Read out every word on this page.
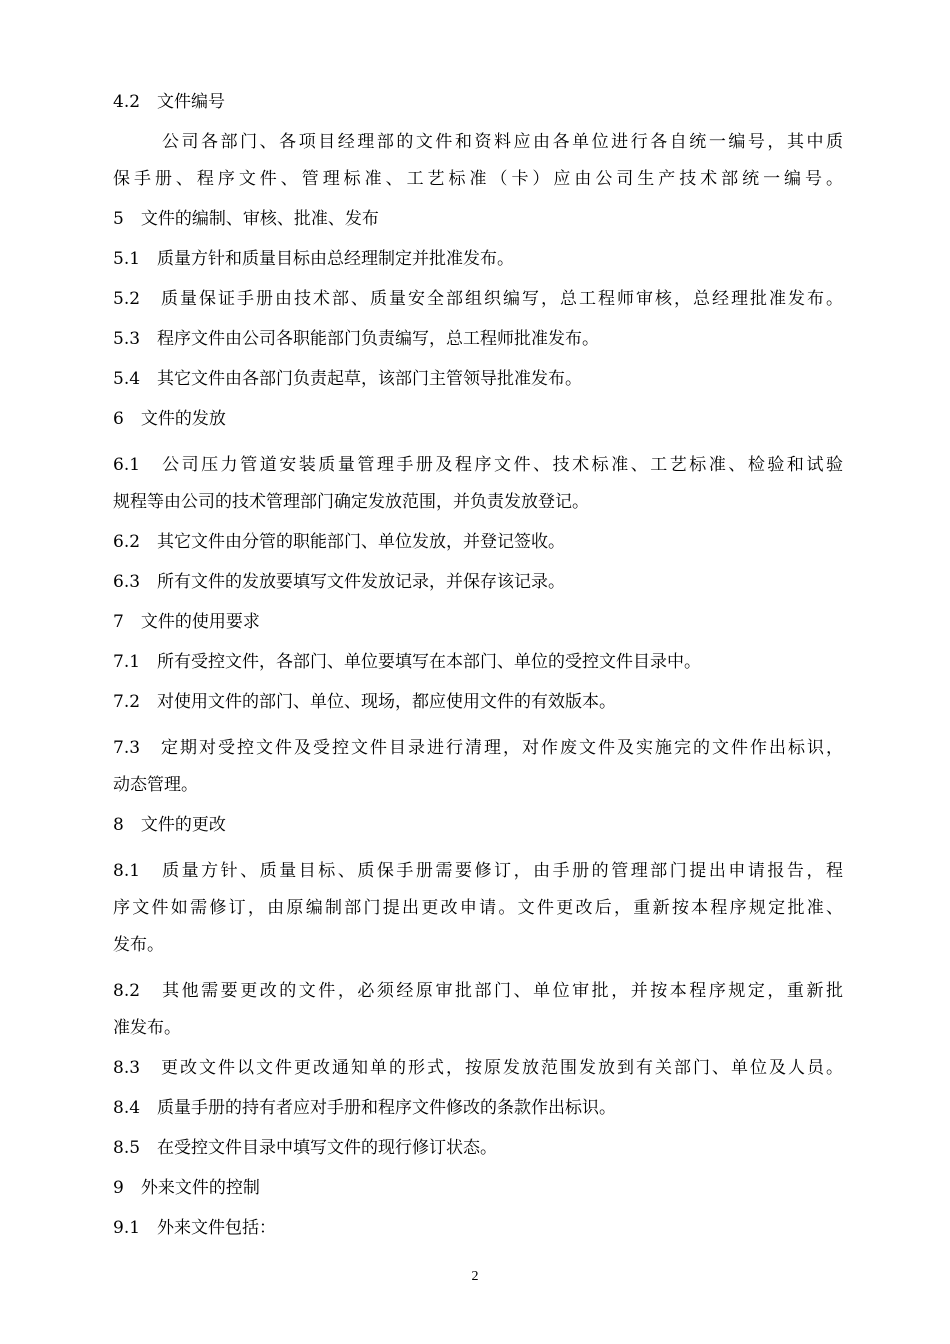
4.2　文件编号
公司各部门、各项目经理部的文件和资料应由各单位进行各自统一编号，其中质
保手册、程序文件、管理标准、工艺标准（卡）应由公司生产技术部统一编号。
5　文件的编制、审核、批准、发布
5.1　质量方针和质量目标由总经理制定并批准发布。
5.2　质量保证手册由技术部、质量安全部组织编写，总工程师审核，总经理批准发布。
5.3　程序文件由公司各职能部门负责编写，总工程师批准发布。
5.4　其它文件由各部门负责起草，该部门主管领导批准发布。
6　文件的发放
6.1　公司压力管道安装质量管理手册及程序文件、技术标准、工艺标准、检验和试验
规程等由公司的技术管理部门确定发放范围，并负责发放登记。
6.2　其它文件由分管的职能部门、单位发放，并登记签收。
6.3　所有文件的发放要填写文件发放记录，并保存该记录。
7　文件的使用要求
7.1　所有受控文件，各部门、单位要填写在本部门、单位的受控文件目录中。
7.2　对使用文件的部门、单位、现场，都应使用文件的有效版本。
7.3　定期对受控文件及受控文件目录进行清理，对作废文件及实施完的文件作出标识，
动态管理。
8　文件的更改
8.1　质量方针、质量目标、质保手册需要修订，由手册的管理部门提出申请报告，程
序文件如需修订，由原编制部门提出更改申请。文件更改后，重新按本程序规定批准、
发布。
8.2　其他需要更改的文件，必须经原审批部门、单位审批，并按本程序规定，重新批
准发布。
8.3　更改文件以文件更改通知单的形式，按原发放范围发放到有关部门、单位及人员。
8.4　质量手册的持有者应对手册和程序文件修改的条款作出标识。
8.5　在受控文件目录中填写文件的现行修订状态。
9　外来文件的控制
9.1　外来文件包括：
2
